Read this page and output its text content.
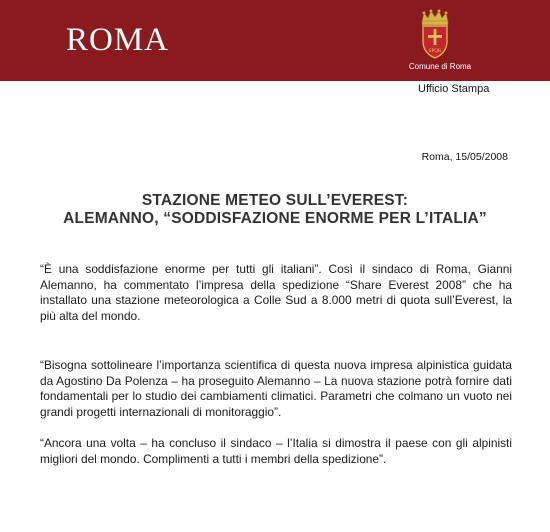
ROMA	SPQR
Comune di Roma
Ufficio Stampa
Roma, 15/05/2008
STAZIONE METEO SULL’EVEREST:
ALEMANNO, “SODDISFAZIONE ENORME PER L’ITALIA”

“È una soddisfazione enorme per tutti gli italiani”. Così il sindaco di Roma, Gianni Alemanno, ha commentato l’impresa della spedizione “Share Everest 2008” che ha installato una stazione meteorologica a Colle Sud a 8.000 metri di quota sull’Everest, la più alta del mondo.

“Bisogna sottolineare l’importanza scientifica di questa nuova impresa alpinistica guidata da Agostino Da Polenza – ha proseguito Alemanno – La nuova stazione potrà fornire dati fondamentali per lo studio dei cambiamenti climatici. Parametri che colmano un vuoto nei grandi progetti internazionali di monitoraggio”.

“Ancora una volta – ha concluso il sindaco – l’Italia si dimostra il paese con gli alpinisti migliori del mondo. Complimenti a tutti i membri della spedizione”.
